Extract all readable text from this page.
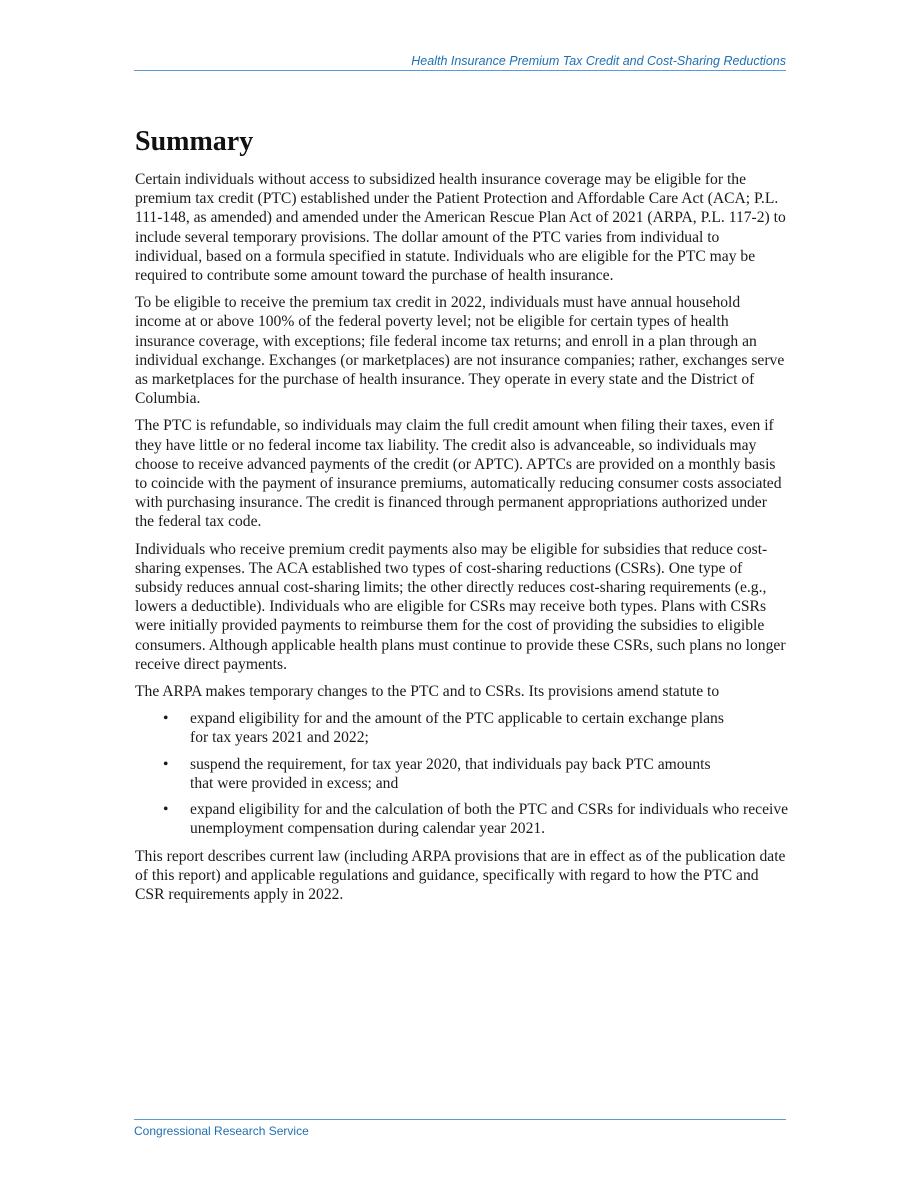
Health Insurance Premium Tax Credit and Cost-Sharing Reductions
Summary

Certain individuals without access to subsidized health insurance coverage may be eligible for the premium tax credit (PTC) established under the Patient Protection and Affordable Care Act (ACA; P.L. 111-148, as amended) and amended under the American Rescue Plan Act of 2021 (ARPA, P.L. 117-2) to include several temporary provisions. The dollar amount of the PTC varies from individual to individual, based on a formula specified in statute. Individuals who are eligible for the PTC may be required to contribute some amount toward the purchase of health insurance.

To be eligible to receive the premium tax credit in 2022, individuals must have annual household income at or above 100% of the federal poverty level; not be eligible for certain types of health insurance coverage, with exceptions; file federal income tax returns; and enroll in a plan through an individual exchange. Exchanges (or marketplaces) are not insurance companies; rather, exchanges serve as marketplaces for the purchase of health insurance. They operate in every state and the District of Columbia.

The PTC is refundable, so individuals may claim the full credit amount when filing their taxes, even if they have little or no federal income tax liability. The credit also is advanceable, so individuals may choose to receive advanced payments of the credit (or APTC). APTCs are provided on a monthly basis to coincide with the payment of insurance premiums, automatically reducing consumer costs associated with purchasing insurance. The credit is financed through permanent appropriations authorized under the federal tax code.

Individuals who receive premium credit payments also may be eligible for subsidies that reduce cost-sharing expenses. The ACA established two types of cost-sharing reductions (CSRs). One type of subsidy reduces annual cost-sharing limits; the other directly reduces cost-sharing requirements (e.g., lowers a deductible). Individuals who are eligible for CSRs may receive both types. Plans with CSRs were initially provided payments to reimburse them for the cost of providing the subsidies to eligible consumers. Although applicable health plans must continue to provide these CSRs, such plans no longer receive direct payments.

The ARPA makes temporary changes to the PTC and to CSRs. Its provisions amend statute to

• expand eligibility for and the amount of the PTC applicable to certain exchange plans for tax years 2021 and 2022;
• suspend the requirement, for tax year 2020, that individuals pay back PTC amounts that were provided in excess; and
• expand eligibility for and the calculation of both the PTC and CSRs for individuals who receive unemployment compensation during calendar year 2021.

This report describes current law (including ARPA provisions that are in effect as of the publication date of this report) and applicable regulations and guidance, specifically with regard to how the PTC and CSR requirements apply in 2022.

Congressional Research Service
